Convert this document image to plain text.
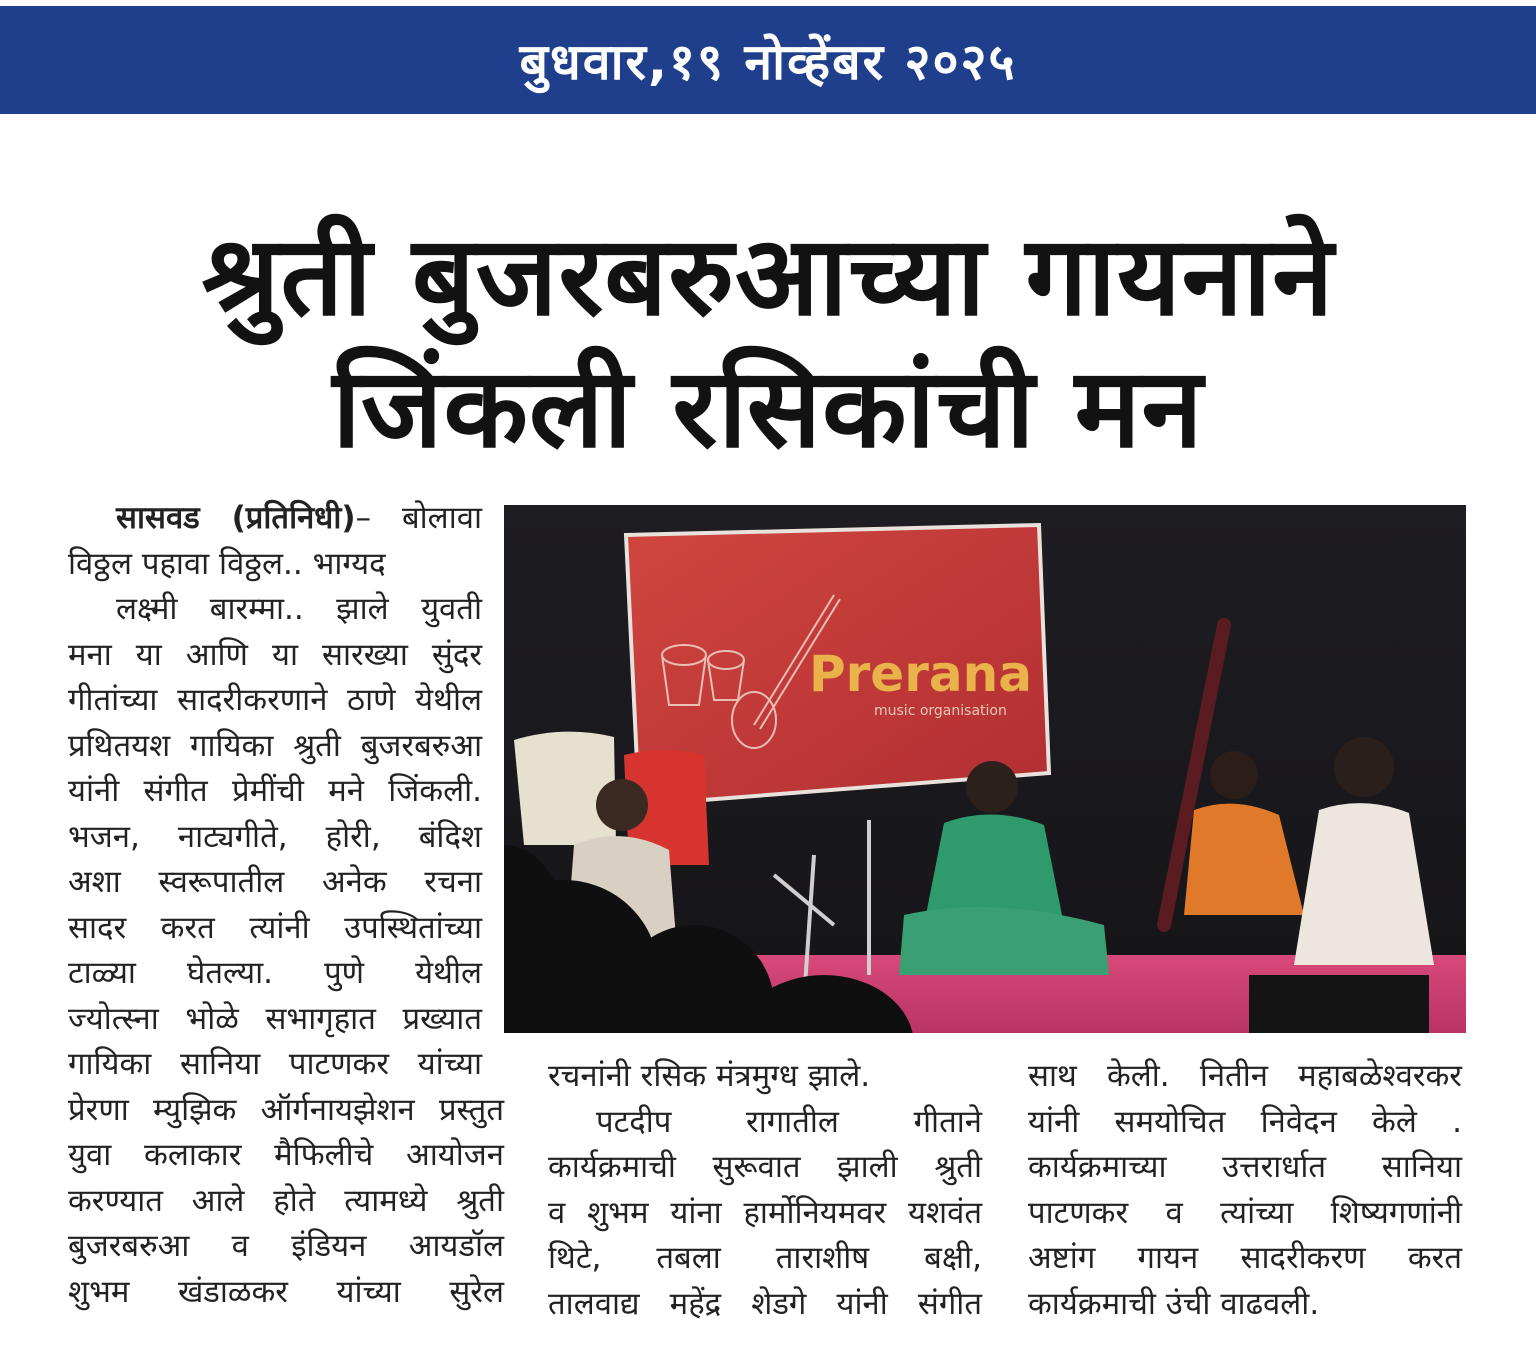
बुधवार,१९ नोव्हेंबर २०२५
श्रुती बुजरबरुआच्या गायनाने
जिंकली रसिकांची मन
सासवड (प्रतिनिधी)– बोलावा
विठ्ठल पहावा विठ्ठल.. भाग्यद
लक्ष्मी बारम्मा.. झाले युवती
मना या आणि या सारख्या सुंदर
गीतांच्या सादरीकरणाने ठाणे येथील
प्रथितयश गायिका श्रुती बुजरबरुआ
यांनी संगीत प्रेमींची मने जिंकली.
भजन, नाट्यगीते, होरी, बंदिश
अशा स्वरूपातील अनेक रचना
सादर करत त्यांनी उपस्थितांच्या
टाळ्या घेतल्या. पुणे येथील
ज्योत्स्ना भोळे सभागृहात प्रख्यात
गायिका सानिया पाटणकर यांच्या
प्रेरणा म्युझिक ऑर्गनायझेशन प्रस्तुत
युवा कलाकार मैफिलीचे आयोजन
करण्यात आले होते त्यामध्ये श्रुती
बुजरबरुआ व इंडियन आयडॉल
शुभम खंडाळकर यांच्या सुरेल
Prerana
music organisation
रचनांनी रसिक मंत्रमुग्ध झाले.
पटदीप रागातील गीताने
कार्यक्रमाची सुरूवात झाली श्रुती
व शुभम यांना हार्मोनियमवर यशवंत
थिटे, तबला ताराशीष बक्षी,
तालवाद्य महेंद्र शेडगे यांनी संगीत
साथ केली. नितीन महाबळेश्वरकर
यांनी समयोचित निवेदन केले .
कार्यक्रमाच्या उत्तरार्धात सानिया
पाटणकर व त्यांच्या शिष्यगणांनी
अष्टांग गायन सादरीकरण करत
कार्यक्रमाची उंची वाढवली.
